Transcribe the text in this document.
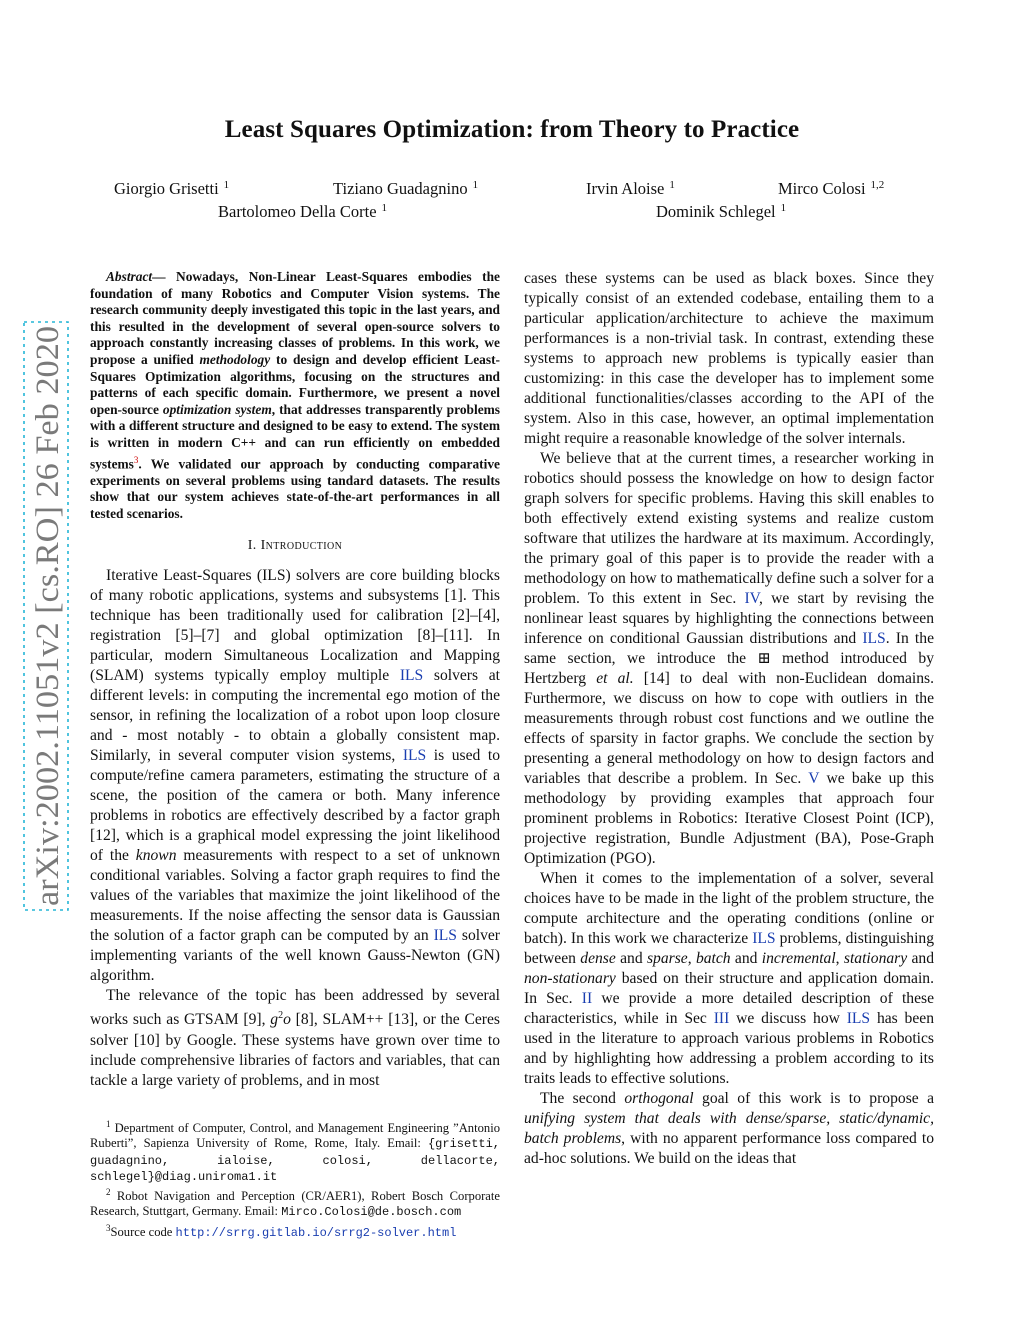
arXiv:2002.11051v2 [cs.RO] 26 Feb 2020
Least Squares Optimization: from Theory to Practice
Giorgio Grisetti $^1$	Tiziano Guadagnino $^1$	Irvin Aloise $^1$	Mirco Colosi $^{1,2}$
Bartolomeo Della Corte $^1$	Dominik Schlegel $^1$

Abstract— Nowadays, Non-Linear Least-Squares embodies the foundation of many Robotics and Computer Vision systems. The research community deeply investigated this topic in the last years, and this resulted in the development of several open-source solvers to approach constantly increasing classes of problems. In this work, we propose a unified methodology to design and develop efficient Least-Squares Optimization algorithms, focusing on the structures and patterns of each specific domain. Furthermore, we present a novel open-source optimization system, that addresses transparently problems with a different structure and designed to be easy to extend. The system is written in modern C++ and can run efficiently on embedded systems$^3$. We validated our approach by conducting comparative experiments on several problems using tandard datasets. The results show that our system achieves state-of-the-art performances in all tested scenarios.

I. Introduction

Iterative Least-Squares (ILS) solvers are core building blocks of many robotic applications, systems and subsystems [1]. This technique has been traditionally used for calibration [2]–[4], registration [5]–[7] and global optimization [8]–[11]. In particular, modern Simultaneous Localization and Mapping (SLAM) systems typically employ multiple ILS solvers at different levels: in computing the incremental ego motion of the sensor, in refining the localization of a robot upon loop closure and - most notably - to obtain a globally consistent map. Similarly, in several computer vision systems, ILS is used to compute/refine camera parameters, estimating the structure of a scene, the position of the camera or both. Many inference problems in robotics are effectively described by a factor graph [12], which is a graphical model expressing the joint likelihood of the known measurements with respect to a set of unknown conditional variables. Solving a factor graph requires to find the values of the variables that maximize the joint likelihood of the measurements. If the noise affecting the sensor data is Gaussian the solution of a factor graph can be computed by an ILS solver implementing variants of the well known Gauss-Newton (GN) algorithm.

The relevance of the topic has been addressed by several works such as GTSAM [9], $g^2o$ [8], SLAM++ [13], or the Ceres solver [10] by Google. These systems have grown over time to include comprehensive libraries of factors and variables, that can tackle a large variety of problems, and in most

$^1$ Department of Computer, Control, and Management Engineering ”Antonio Ruberti”, Sapienza University of Rome, Rome, Italy. Email: {grisetti, guadagnino, ialoise, colosi, dellacorte, schlegel}@diag.uniroma1.it

$^2$ Robot Navigation and Perception (CR/AER1), Robert Bosch Corporate Research, Stuttgart, Germany. Email: Mirco.Colosi@de.bosch.com

$^3$Source code http://srrg.gitlab.io/srrg2-solver.html

cases these systems can be used as black boxes. Since they typically consist of an extended codebase, entailing them to a particular application/architecture to achieve the maximum performances is a non-trivial task. In contrast, extending these systems to approach new problems is typically easier than customizing: in this case the developer has to implement some additional functionalities/classes according to the API of the system. Also in this case, however, an optimal implementation might require a reasonable knowledge of the solver internals.

We believe that at the current times, a researcher working in robotics should possess the knowledge on how to design factor graph solvers for specific problems. Having this skill enables to both effectively extend existing systems and realize custom software that utilizes the hardware at its maximum. Accordingly, the primary goal of this paper is to provide the reader with a methodology on how to mathematically define such a solver for a problem. To this extent in Sec. IV, we start by revising the nonlinear least squares by highlighting the connections between inference on conditional Gaussian distributions and ILS. In the same section, we introduce the ⊞ method introduced by Hertzberg et al. [14] to deal with non-Euclidean domains. Furthermore, we discuss on how to cope with outliers in the measurements through robust cost functions and we outline the effects of sparsity in factor graphs. We conclude the section by presenting a general methodology on how to design factors and variables that describe a problem. In Sec. V we bake up this methodology by providing examples that approach four prominent problems in Robotics: Iterative Closest Point (ICP), projective registration, Bundle Adjustment (BA), Pose-Graph Optimization (PGO).

When it comes to the implementation of a solver, several choices have to be made in the light of the problem structure, the compute architecture and the operating conditions (online or batch). In this work we characterize ILS problems, distinguishing between dense and sparse, batch and incremental, stationary and non-stationary based on their structure and application domain. In Sec. II we provide a more detailed description of these characteristics, while in Sec III we discuss how ILS has been used in the literature to approach various problems in Robotics and by highlighting how addressing a problem according to its traits leads to effective solutions.

The second orthogonal goal of this work is to propose a unifying system that deals with dense/sparse, static/dynamic, batch problems, with no apparent performance loss compared to ad-hoc solutions. We build on the ideas that
